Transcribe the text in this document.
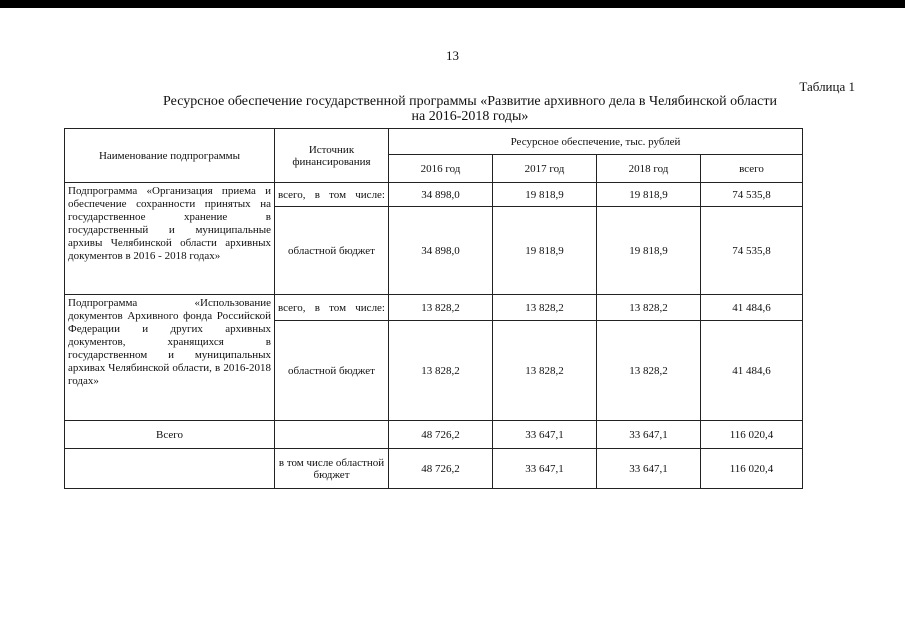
13
Таблица 1
Ресурсное обеспечение государственной программы «Развитие архивного дела в Челябинской области
на 2016-2018 годы»
Наименование подпрограммы	Источник финансирования	Ресурсное обеспечение, тыс. рублей			
		2016 год	2017 год	2018 год	всего
Подпрограмма «Организация приема и обеспечение сохранности принятых на государственное хранение в государственный и муниципальные архивы Челябинской области архивных документов в 2016 - 2018 годах»	всего, в том числе:	34 898,0	19 818,9	19 818,9	74 535,8
	областной бюджет	34 898,0	19 818,9	19 818,9	74 535,8
Подпрограмма «Использование документов Архивного фонда Российской Федерации и других архивных документов, хранящихся в государственном и муниципальных архивах Челябинской области, в 2016-2018 годах»	всего, в том числе:	13 828,2	13 828,2	13 828,2	41 484,6
	областной бюджет	13 828,2	13 828,2	13 828,2	41 484,6
Всего		48 726,2	33 647,1	33 647,1	116 020,4
	в том числе областной бюджет	48 726,2	33 647,1	33 647,1	116 020,4
